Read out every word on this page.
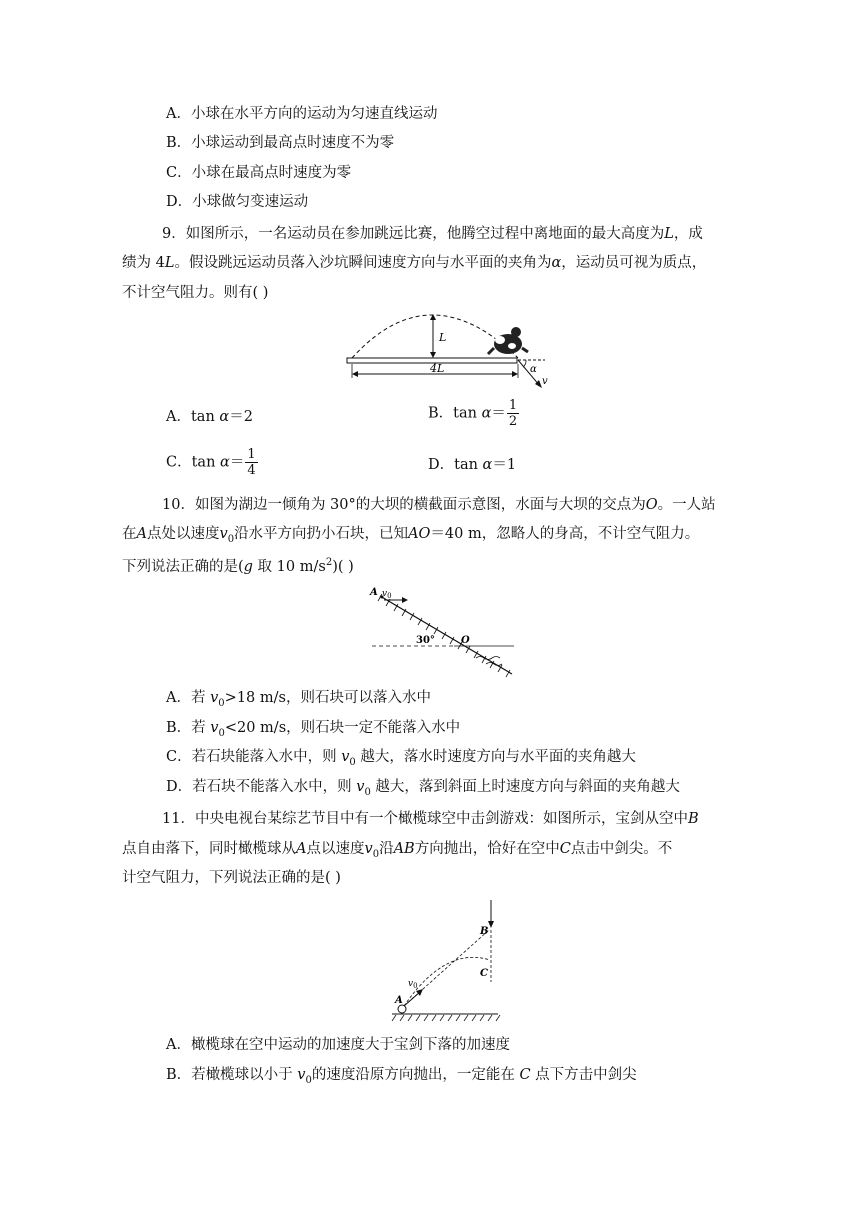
A．小球在水平方向的运动为匀速直线运动
B．小球运动到最高点时速度不为零
C．小球在最高点时速度为零
D．小球做匀变速运动
9．如图所示，一名运动员在参加跳远比赛，他腾空过程中离地面的最大高度为L，成
绩为 4L。假设跳远运动员落入沙坑瞬间速度方向与水平面的夹角为α，运动员可视为质点，
不计空气阻力。则有( )
L
α
v
4L
A．tan α＝2	B．$\tan \alpha= \frac{1}{2}$
C．$\tan \alpha= \frac{1}{4}$	D．tan α＝1
10．如图为湖边一倾角为 30°的大坝的横截面示意图，水面与大坝的交点为O。一人站
在A点处以速度$v_0$沿水平方向扔小石块，已知AO＝40 m，忽略人的身高，不计空气阻力。
下列说法正确的是(g 取 10 $m/s^2$)( )
A $v_0$
30°	O
A．若 $v_0>18$ m/s，则石块可以落入水中
B．若 $v_0<20$ m/s，则石块一定不能落入水中
C．若石块能落入水中，则 $v_0$ 越大，落水时速度方向与水平面的夹角越大
D．若石块不能落入水中，则 $v_0$ 越大，落到斜面上时速度方向与斜面的夹角越大
11．中央电视台某综艺节目中有一个橄榄球空中击剑游戏：如图所示，宝剑从空中B
点自由落下，同时橄榄球从A点以速度$v_0$沿AB方向抛出，恰好在空中C点击中剑尖。不
计空气阻力，下列说法正确的是( )
B
C
A
$v_0$
A．橄榄球在空中运动的加速度大于宝剑下落的加速度
B．若橄榄球以小于 $v_0$的速度沿原方向抛出，一定能在 C 点下方击中剑尖
